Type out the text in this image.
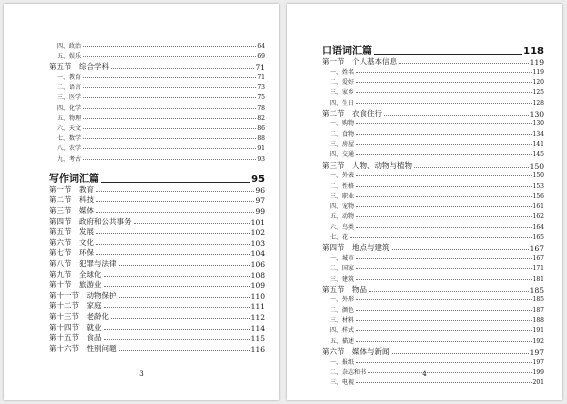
四、政治	64
五、娱乐	69
第五节　综合学科	71
一、教育	71
二、语言	73
三、医学	75
四、化学	78
五、物理	82
六、天文	86
七、数学	88
八、农学	91
九、考古	93
写作词汇篇	95
第一节　教育	96
第二节　科技	97
第三节　媒体	99
第四节　政府和公共事务	101
第五节　发展	102
第六节　文化	103
第七节　环保	104
第八节　犯罪与法律	106
第九节　全球化	108
第十节　旅游业	109
第十一节　动物保护	110
第十二节　家庭	111
第十三节　老龄化	112
第十四节　就业	114
第十五节　食品	115
第十六节　性别问题	116
3
口语词汇篇	118
第一节　个人基本信息	119
一、姓名	119
二、爱好	120
三、家乡	125
四、生日	128
第二节　衣食住行	130
一、购物	130
二、食物	134
三、房屋	141
四、交通	145
第三节　人物、动物与植物	150
一、外表	150
二、性格	153
三、职业	156
四、宠物	161
五、动物	162
六、鸟类	164
七、花	165
第四节　地点与建筑	167
一、城市	167
二、国家	171
三、建筑	181
第五节　物品	185
一、外形	185
二、颜色	187
三、材料	188
四、样式	191
五、描述	192
第六节　媒体与新闻	197
一、报纸	197
二、杂志和书	199
三、电视	201
4
